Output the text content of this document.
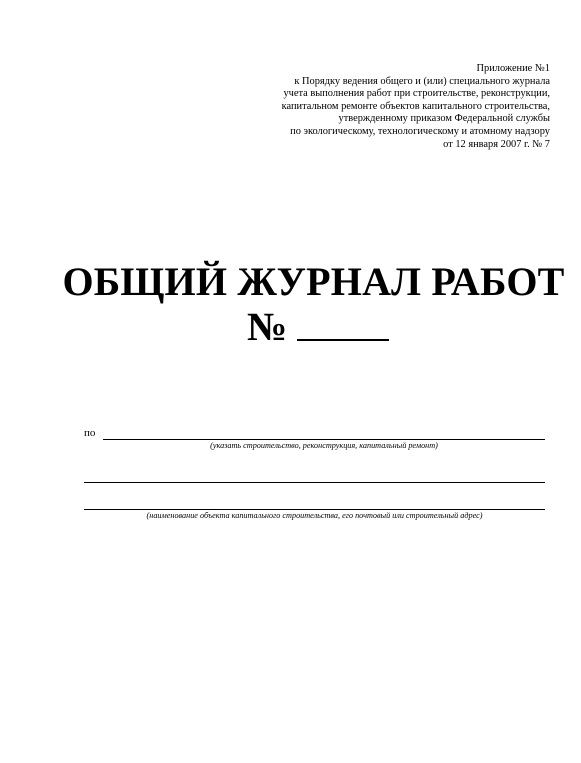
Приложение №1
к Порядку ведения общего и (или) специального журнала
учета выполнения работ при строительстве, реконструкции,
капитальном ремонте объектов капитального строительства,
утвержденному приказом Федеральной службы
по экологическому, технологическому и атомному надзору
от 12 января 2007 г. № 7
ОБЩИЙ ЖУРНАЛ РАБОТ
№
по
(указать строительство, реконструкция, капитальный ремонт)
(наименование объекта капитального строительства, его почтовый или строительный адрес)
